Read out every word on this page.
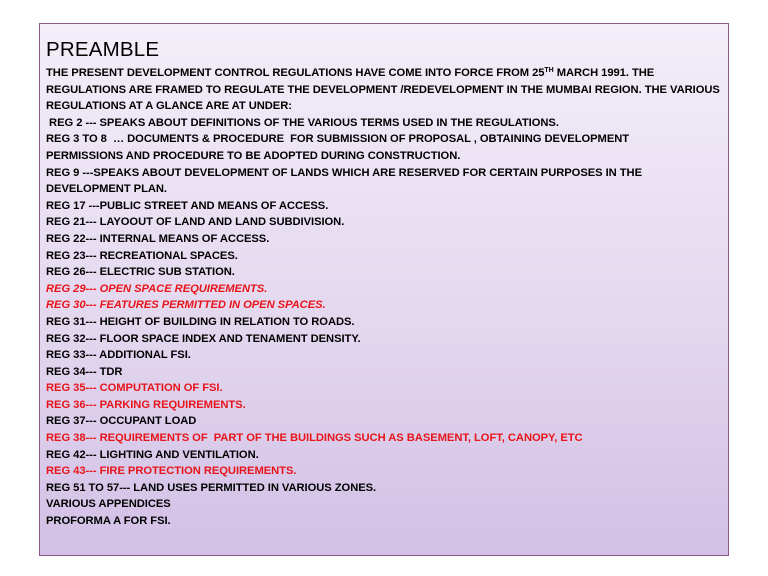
PREAMBLE
THE PRESENT DEVELOPMENT CONTROL REGULATIONS HAVE COME INTO FORCE FROM 25TH MARCH 1991. THE REGULATIONS ARE FRAMED TO REGULATE THE DEVELOPMENT /REDEVELOPMENT IN THE MUMBAI REGION. THE VARIOUS REGULATIONS AT A GLANCE ARE AT UNDER:
REG 2 --- SPEAKS ABOUT DEFINITIONS OF THE VARIOUS TERMS USED IN THE REGULATIONS.
REG 3 TO 8  … DOCUMENTS & PROCEDURE  FOR SUBMISSION OF PROPOSAL , OBTAINING DEVELOPMENT
PERMISSIONS AND PROCEDURE TO BE ADOPTED DURING CONSTRUCTION.
REG 9 ---SPEAKS ABOUT DEVELOPMENT OF LANDS WHICH ARE RESERVED FOR CERTAIN PURPOSES IN THE
DEVELOPMENT PLAN.
REG 17 ---PUBLIC STREET AND MEANS OF ACCESS.
REG 21--- LAYOOUT OF LAND AND LAND SUBDIVISION.
REG 22--- INTERNAL MEANS OF ACCESS.
REG 23--- RECREATIONAL SPACES.
REG 26--- ELECTRIC SUB STATION.
REG 29--- OPEN SPACE REQUIREMENTS.
REG 30--- FEATURES PERMITTED IN OPEN SPACES.
REG 31--- HEIGHT OF BUILDING IN RELATION TO ROADS.
REG 32--- FLOOR SPACE INDEX AND TENAMENT DENSITY.
REG 33--- ADDITIONAL FSI.
REG 34--- TDR
REG 35--- COMPUTATION OF FSI.
REG 36--- PARKING REQUIREMENTS.
REG 37--- OCCUPANT LOAD
REG 38--- REQUIREMENTS OF  PART OF THE BUILDINGS SUCH AS BASEMENT, LOFT, CANOPY, ETC
REG 42--- LIGHTING AND VENTILATION.
REG 43--- FIRE PROTECTION REQUIREMENTS.
REG 51 TO 57--- LAND USES PERMITTED IN VARIOUS ZONES.
VARIOUS APPENDICES
PROFORMA A FOR FSI.
